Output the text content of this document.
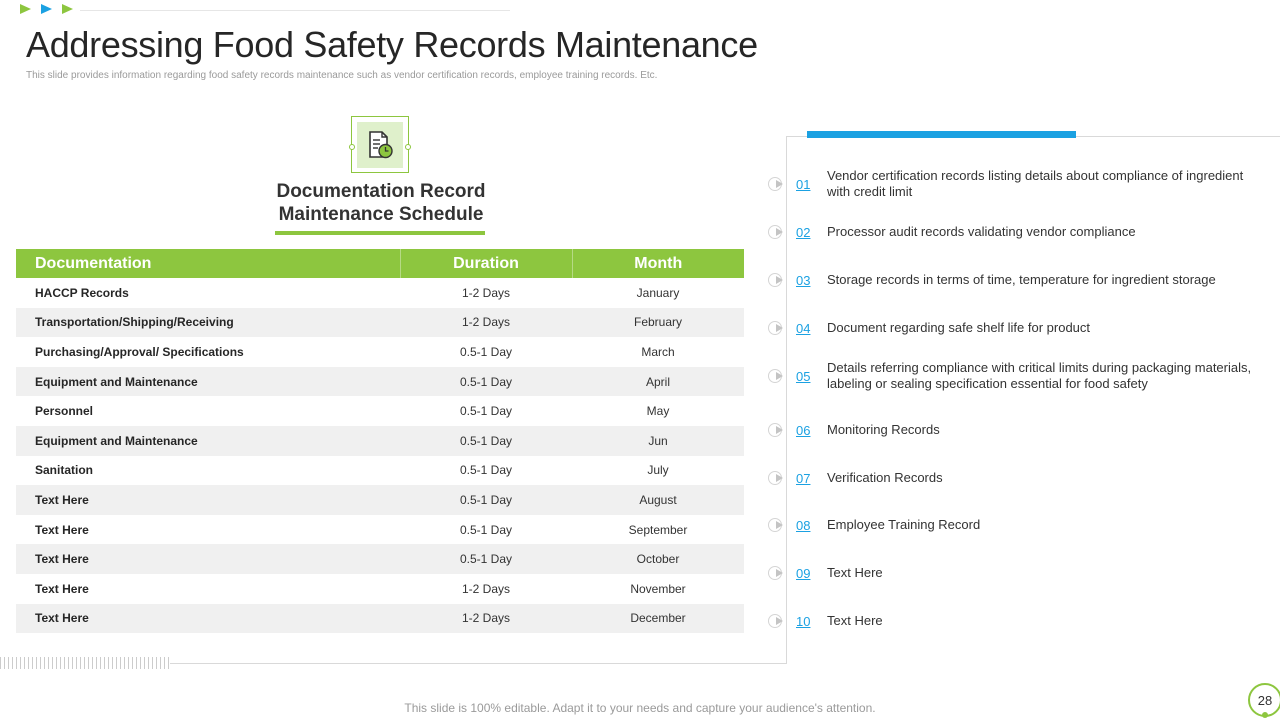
Addressing Food Safety Records Maintenance

This slide provides information regarding food safety records maintenance such as vendor certification records, employee training records. Etc.

Documentation Record
Maintenance Schedule
Documentation	Duration	Month
HACCP Records	1-2 Days	January
Transportation/Shipping/Receiving	1-2 Days	February
Purchasing/Approval/ Specifications	0.5-1 Day	March
Equipment and Maintenance	0.5-1 Day	April
Personnel	0.5-1 Day	May
Equipment and Maintenance	0.5-1 Day	Jun
Sanitation	0.5-1 Day	July
Text Here	0.5-1 Day	August
Text Here	0.5-1 Day	September
Text Here	0.5-1 Day	October
Text Here	1-2 Days	November
Text Here	1-2 Days	December
01
Vendor certification records listing details about compliance of ingredient with credit limit
02 Processor audit records validating vendor compliance
03 Storage records in terms of time, temperature for ingredient storage
04 Document regarding safe shelf life for product
05
Details referring compliance with critical limits during packaging materials, labeling or sealing specification essential for food safety
06 Monitoring Records
07 Verification Records
08 Employee Training Record
09 Text Here
10 Text Here
This slide is 100% editable. Adapt it to your needs and capture your audience's attention.
28
